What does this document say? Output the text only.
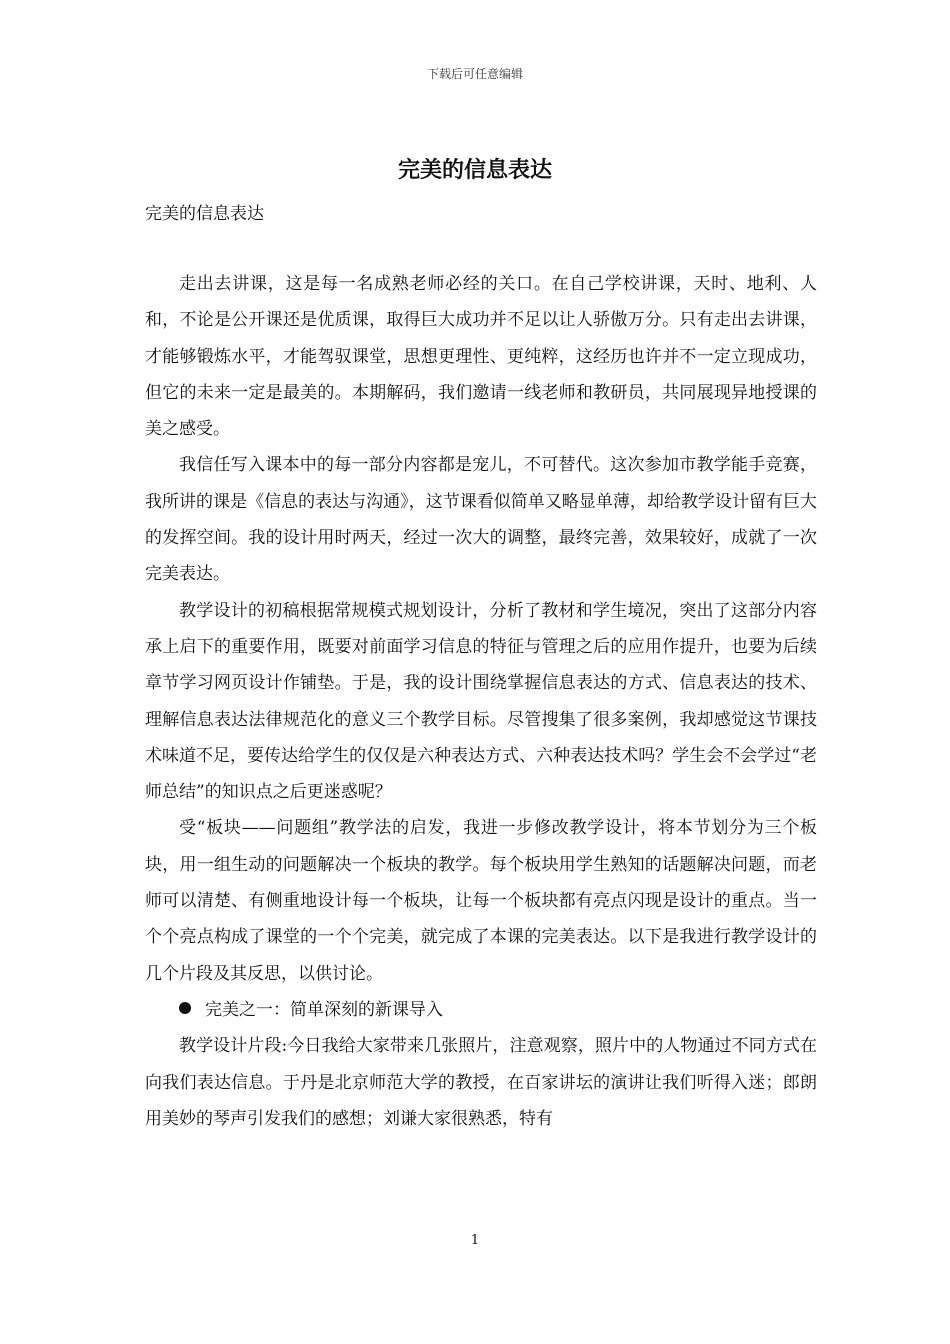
下载后可任意编辑
完美的信息表达
完美的信息表达

走出去讲课，这是每一名成熟老师必经的关口。在自己学校讲课，天时、地利、人和，不论是公开课还是优质课，取得巨大成功并不足以让人骄傲万分。只有走出去讲课，才能够锻炼水平，才能驾驭课堂，思想更理性、更纯粹，这经历也许并不一定立现成功，但它的未来一定是最美的。本期解码，我们邀请一线老师和教研员，共同展现异地授课的美之感受。

我信任写入课本中的每一部分内容都是宠儿，不可替代。这次参加市教学能手竞赛，我所讲的课是《信息的表达与沟通》，这节课看似简单又略显单薄，却给教学设计留有巨大的发挥空间。我的设计用时两天，经过一次大的调整，最终完善，效果较好，成就了一次完美表达。

教学设计的初稿根据常规模式规划设计，分析了教材和学生境况，突出了这部分内容承上启下的重要作用，既要对前面学习信息的特征与管理之后的应用作提升，也要为后续章节学习网页设计作铺垫。于是，我的设计围绕掌握信息表达的方式、信息表达的技术、理解信息表达法律规范化的意义三个教学目标。尽管搜集了很多案例，我却感觉这节课技术味道不足，要传达给学生的仅仅是六种表达方式、六种表达技术吗？学生会不会学过“老师总结”的知识点之后更迷惑呢？

受“板块——问题组”教学法的启发，我进一步修改教学设计，将本节划分为三个板块，用一组生动的问题解决一个板块的教学。每个板块用学生熟知的话题解决问题，而老师可以清楚、有侧重地设计每一个板块，让每一个板块都有亮点闪现是设计的重点。当一个个亮点构成了课堂的一个个完美，就完成了本课的完美表达。以下是我进行教学设计的几个片段及其反思，以供讨论。

完美之一：简单深刻的新课导入

教学设计片段:今日我给大家带来几张照片，注意观察，照片中的人物通过不同方式在向我们表达信息。于丹是北京师范大学的教授，在百家讲坛的演讲让我们听得入迷；郎朗用美妙的琴声引发我们的感想；刘谦大家很熟悉，特有

1
